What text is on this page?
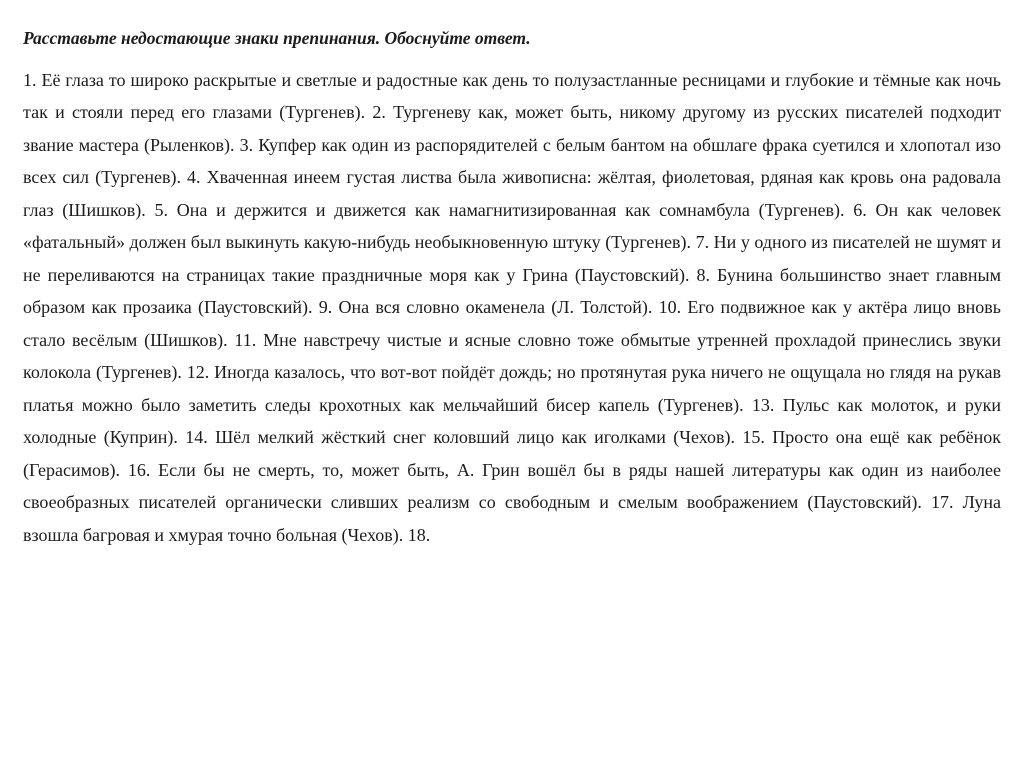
Расставьте недостающие знаки препинания. Обоснуйте ответ.

1. Её глаза то широко раскрытые и светлые и радостные как день то полузастланные ресницами и глубокие и тёмные как ночь так и стояли перед его глазами (Тургенев). 2. Тургеневу как, может быть, никому другому из русских писателей подходит звание мастера (Рыленков). 3. Купфер как один из распорядителей с белым бантом на обшлаге фрака суетился и хлопотал изо всех сил (Тургенев). 4. Хваченная инеем густая листва была живописна: жёлтая, фиолетовая, рдяная как кровь она радовала глаз (Шишков). 5. Она и держится и движется как намагнитизированная как сомнамбула (Тургенев). 6. Он как человек «фатальный» должен был выкинуть какую-нибудь необыкновенную штуку (Тургенев). 7. Ни у одного из писателей не шумят и не переливаются на страницах такие праздничные моря как у Грина (Паустовский). 8. Бунина большинство знает главным образом как прозаика (Паустовский). 9. Она вся словно окаменела (Л. Толстой). 10. Его подвижное как у актёра лицо вновь стало весёлым (Шишков). 11. Мне навстречу чистые и ясные словно тоже обмытые утренней прохладой принеслись звуки колокола (Тургенев). 12. Иногда казалось, что вот-вот пойдёт дождь; но протянутая рука ничего не ощущала но глядя на рукав платья можно было заметить следы крохотных как мельчайший бисер капель (Тургенев). 13. Пульс как молоток, и руки холодные (Куприн). 14. Шёл мелкий жёсткий снег коловший лицо как иголками (Чехов). 15. Просто она ещё как ребёнок (Герасимов). 16. Если бы не смерть, то, может быть, А. Грин вошёл бы в ряды нашей литературы как один из наиболее своеобразных писателей органически сливших реализм со свободным и смелым воображением (Паустовский). 17. Луна взошла багровая и хмурая точно больная (Чехов). 18.
